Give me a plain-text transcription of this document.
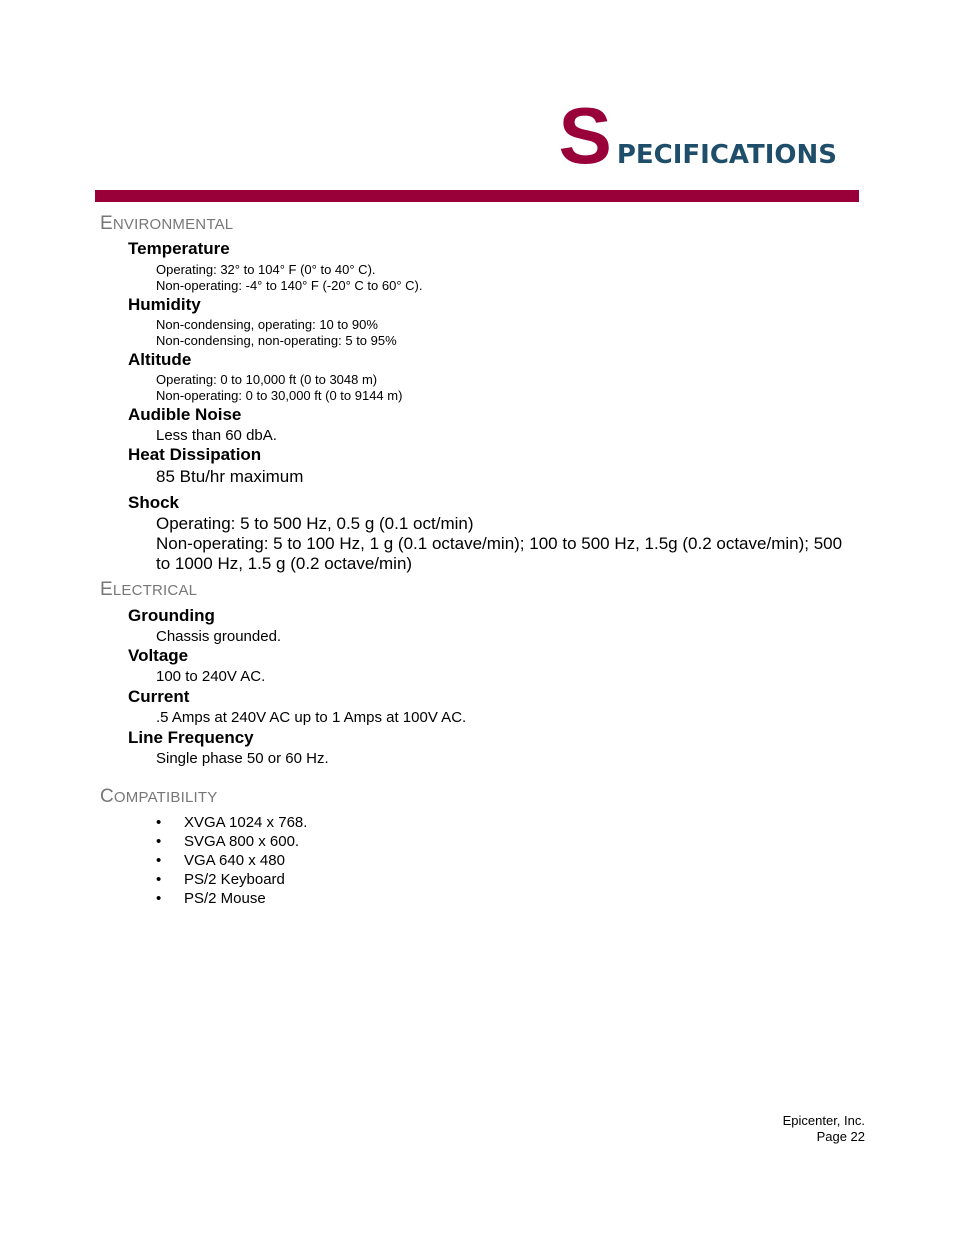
S PECIFICATIONS
ENVIRONMENTAL
Temperature
Operating: 32° to 104° F (0° to 40° C).
Non-operating: -4° to 140° F (-20° C to 60° C).
Humidity
Non-condensing, operating: 10 to 90%
Non-condensing, non-operating: 5 to 95%
Altitude
Operating: 0 to 10,000 ft (0 to 3048 m)
Non-operating: 0 to 30,000 ft (0 to 9144 m)
Audible Noise
Less than 60 dbA.
Heat Dissipation
85 Btu/hr maximum
Shock
Operating: 5 to 500 Hz, 0.5 g (0.1 oct/min)
Non-operating: 5 to 100 Hz, 1 g (0.1 octave/min); 100 to 500 Hz, 1.5g (0.2 octave/min); 500 to 1000 Hz, 1.5 g (0.2 octave/min)
ELECTRICAL
Grounding
Chassis grounded.
Voltage
100 to 240V AC.
Current
.5 Amps at 240V AC up to 1 Amps at 100V AC.
Line Frequency
Single phase 50 or 60 Hz.
COMPATIBILITY
• XVGA 1024 x 768.
• SVGA 800 x 600.
• VGA 640 x 480
• PS/2 Keyboard
• PS/2 Mouse
Epicenter, Inc.
Page 22
